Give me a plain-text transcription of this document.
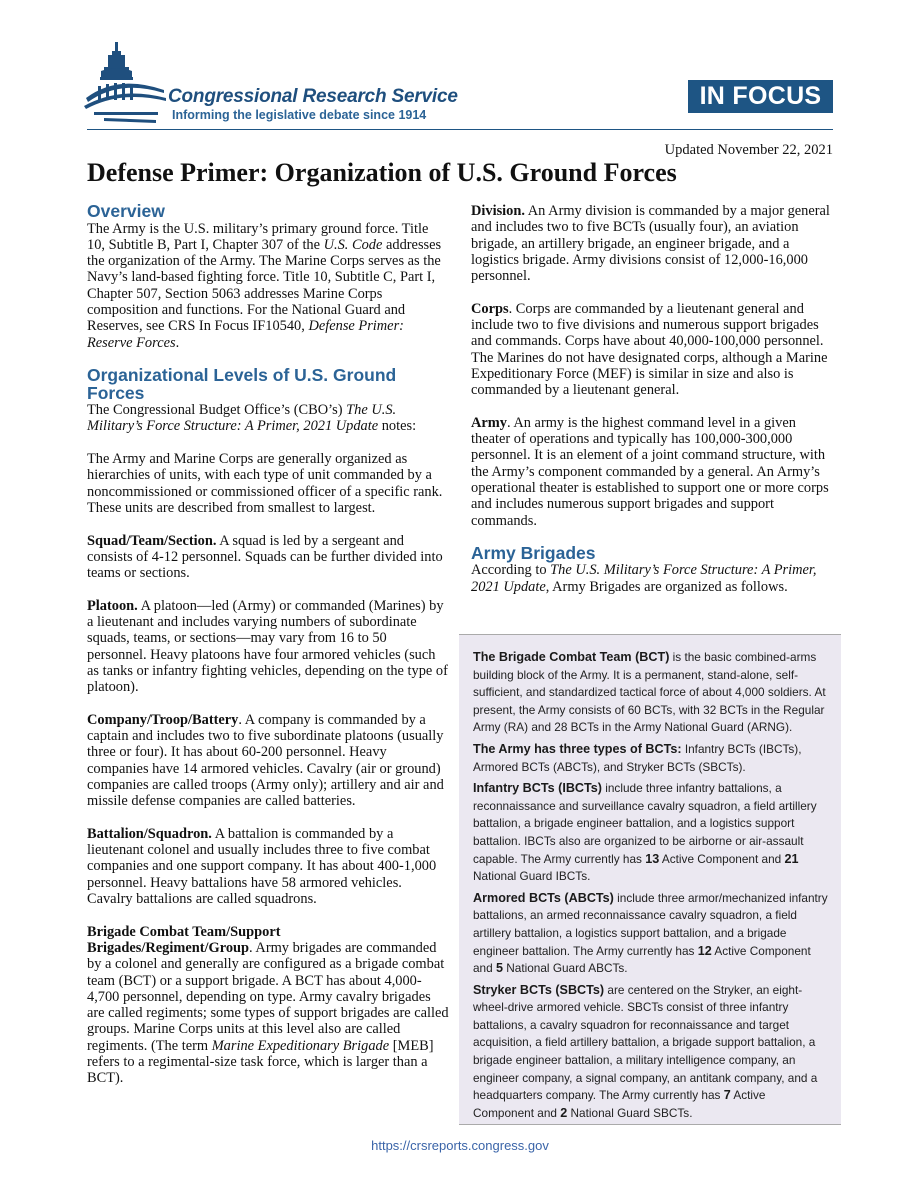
Congressional Research Service
Informing the legislative debate since 1914
IN FOCUS
Updated November 22, 2021
Defense Primer: Organization of U.S. Ground Forces
Overview

The Army is the U.S. military’s primary ground force. Title 10, Subtitle B, Part I, Chapter 307 of the U.S. Code addresses the organization of the Army. The Marine Corps serves as the Navy’s land-based fighting force. Title 10, Subtitle C, Part I, Chapter 507, Section 5063 addresses Marine Corps composition and functions. For the National Guard and Reserves, see CRS In Focus IF10540, Defense Primer: Reserve Forces.

Organizational Levels of U.S. Ground Forces

The Congressional Budget Office’s (CBO’s) The U.S. Military’s Force Structure: A Primer, 2021 Update notes:

The Army and Marine Corps are generally organized as hierarchies of units, with each type of unit commanded by a noncommissioned or commissioned officer of a specific rank. These units are described from smallest to largest.

Squad/Team/Section. A squad is led by a sergeant and consists of 4-12 personnel. Squads can be further divided into teams or sections.

Platoon. A platoon—led (Army) or commanded (Marines) by a lieutenant and includes varying numbers of subordinate squads, teams, or sections—may vary from 16 to 50 personnel. Heavy platoons have four armored vehicles (such as tanks or infantry fighting vehicles, depending on the type of platoon).

Company/Troop/Battery. A company is commanded by a captain and includes two to five subordinate platoons (usually three or four). It has about 60-200 personnel. Heavy companies have 14 armored vehicles. Cavalry (air or ground) companies are called troops (Army only); artillery and air and missile defense companies are called batteries.

Battalion/Squadron. A battalion is commanded by a lieutenant colonel and usually includes three to five combat companies and one support company. It has about 400-1,000 personnel. Heavy battalions have 58 armored vehicles. Cavalry battalions are called squadrons.

Brigade Combat Team/Support Brigades/Regiment/Group. Army brigades are commanded by a colonel and generally are configured as a brigade combat team (BCT) or a support brigade. A BCT has about 4,000-4,700 personnel, depending on type. Army cavalry brigades are called regiments; some types of support brigades are called groups. Marine Corps units at this level also are called regiments. (The term Marine Expeditionary Brigade [MEB] refers to a regimental-size task force, which is larger than a BCT).

Division. An Army division is commanded by a major general and includes two to five BCTs (usually four), an aviation brigade, an artillery brigade, an engineer brigade, and a logistics brigade. Army divisions consist of 12,000-16,000 personnel.

Corps. Corps are commanded by a lieutenant general and include two to five divisions and numerous support brigades and commands. Corps have about 40,000-100,000 personnel. The Marines do not have designated corps, although a Marine Expeditionary Force (MEF) is similar in size and also is commanded by a lieutenant general.

Army. An army is the highest command level in a given theater of operations and typically has 100,000-300,000 personnel. It is an element of a joint command structure, with the Army’s component commanded by a general. An Army’s operational theater is established to support one or more corps and includes numerous support brigades and support commands.

Army Brigades

According to The U.S. Military’s Force Structure: A Primer, 2021 Update, Army Brigades are organized as follows.

The Brigade Combat Team (BCT) is the basic combined-arms building block of the Army. It is a permanent, stand-alone, self-sufficient, and standardized tactical force of about 4,000 soldiers. At present, the Army consists of 60 BCTs, with 32 BCTs in the Regular Army (RA) and 28 BCTs in the Army National Guard (ARNG).

The Army has three types of BCTs: Infantry BCTs (IBCTs), Armored BCTs (ABCTs), and Stryker BCTs (SBCTs).

Infantry BCTs (IBCTs) include three infantry battalions, a reconnaissance and surveillance cavalry squadron, a field artillery battalion, a brigade engineer battalion, and a logistics support battalion. IBCTs also are organized to be airborne or air-assault capable. The Army currently has 13 Active Component and 21 National Guard IBCTs.

Armored BCTs (ABCTs) include three armor/mechanized infantry battalions, an armed reconnaissance cavalry squadron, a field artillery battalion, a logistics support battalion, and a brigade engineer battalion. The Army currently has 12 Active Component and 5 National Guard ABCTs.

Stryker BCTs (SBCTs) are centered on the Stryker, an eight-wheel-drive armored vehicle. SBCTs consist of three infantry battalions, a cavalry squadron for reconnaissance and target acquisition, a field artillery battalion, a brigade support battalion, a brigade engineer battalion, a military intelligence company, an engineer company, a signal company, an antitank company, and a headquarters company. The Army currently has 7 Active Component and 2 National Guard SBCTs.

https://crsreports.congress.gov
